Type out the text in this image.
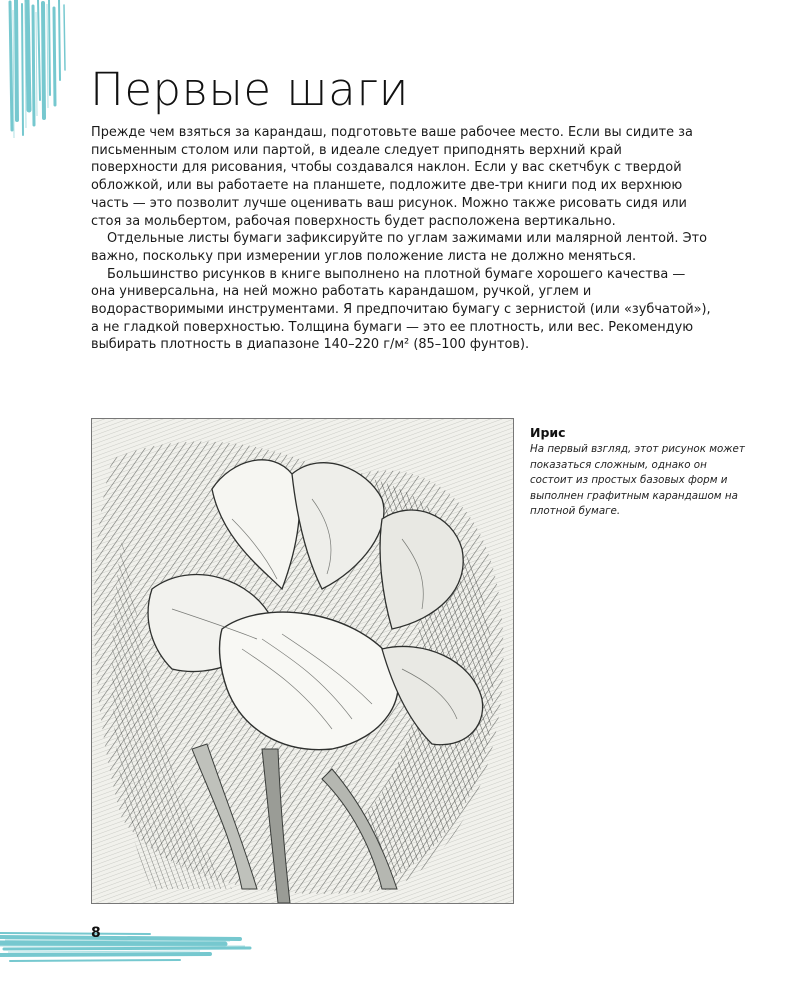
Первые шаги

Прежде чем взяться за карандаш, подготовьте ваше рабочее место. Если вы сидите за письменным столом или партой, в идеале следует приподнять верхний край поверхности для рисования, чтобы создавался наклон. Если у вас скетчбук с твердой обложкой, или вы работаете на планшете, подложите две-три книги под их верхнюю часть — это позволит лучше оценивать ваш рисунок. Можно также рисовать сидя или стоя за мольбертом, рабочая поверхность будет расположена вертикально.

Отдельные листы бумаги зафиксируйте по углам зажимами или малярной лентой. Это важно, поскольку при измерении углов положение листа не должно меняться.

Большинство рисунков в книге выполнено на плотной бумаге хорошего качества — она универсальна, на ней можно работать карандашом, ручкой, углем и водорастворимыми инструментами. Я предпочитаю бумагу с зернистой (или «зубчатой»), а не гладкой поверхностью. Толщина бумаги — это ее плотность, или вес. Рекомендую выбирать плотность в диапазоне 140–220 г/м² (85–100 фунтов).

Ирис

На первый взгляд, этот рисунок может показаться сложным, однако он состоит из простых базовых форм и выполнен графитным карандашом на плотной бумаге.

8
